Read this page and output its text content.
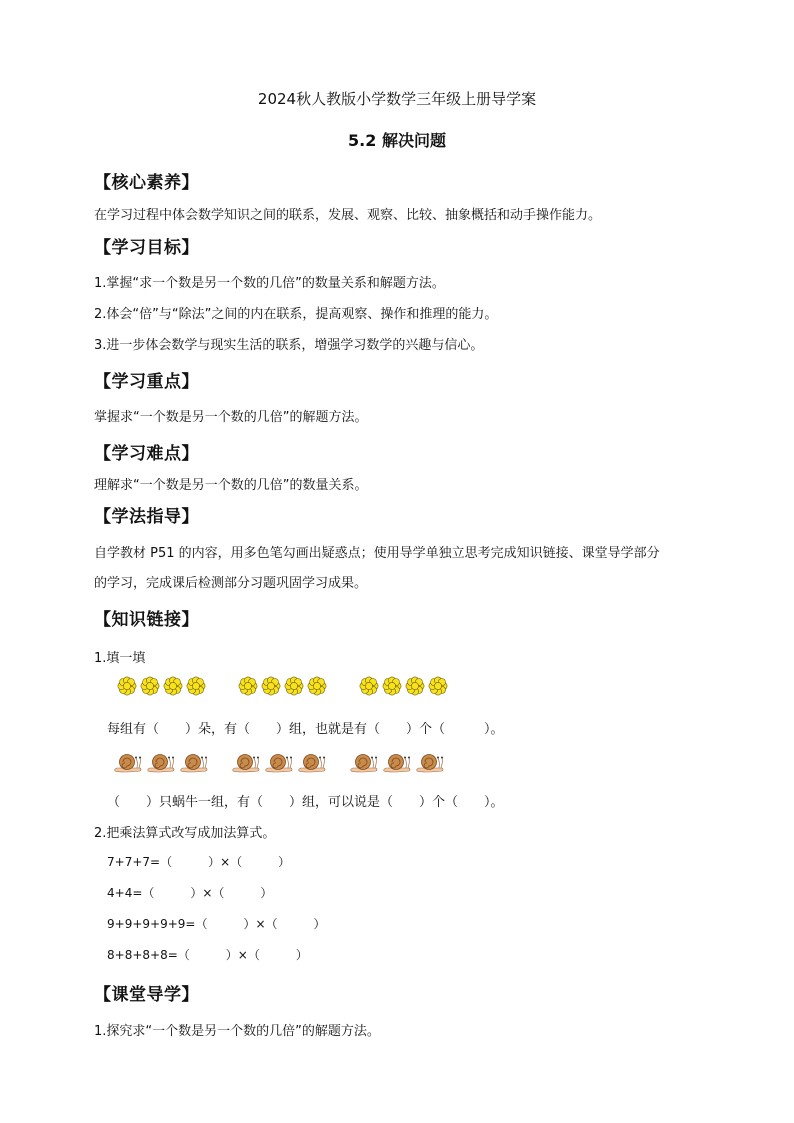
2024秋人教版小学数学三年级上册导学案
5.2 解决问题
【核心素养】
在学习过程中体会数学知识之间的联系，发展、观察、比较、抽象概括和动手操作能力。
【学习目标】
1.掌握“求一个数是另一个数的几倍”的数量关系和解题方法。
2.体会“倍”与“除法”之间的内在联系，提高观察、操作和推理的能力。
3.进一步体会数学与现实生活的联系，增强学习数学的兴趣与信心。
【学习重点】
掌握求“一个数是另一个数的几倍”的解题方法。
【学习难点】
理解求“一个数是另一个数的几倍”的数量关系。
【学法指导】
自学教材 P51 的内容，用多色笔勾画出疑惑点；使用导学单独立思考完成知识链接、课堂导学部分
的学习，完成课后检测部分习题巩固学习成果。
【知识链接】
1.填一填
每组有（　　）朵，有（　　）组，也就是有（　　）个（　　　）。
（　　）只蜗牛一组，有（　　）组，可以说是（　　）个（　　）。
2.把乘法算式改写成加法算式。
7+7+7=（　　　）×（　　　）
4+4=（　　　）×（　　　）
9+9+9+9+9=（　　　）×（　　　）
8+8+8+8=（　　　）×（　　　）
【课堂导学】
1.探究求“一个数是另一个数的几倍”的解题方法。
